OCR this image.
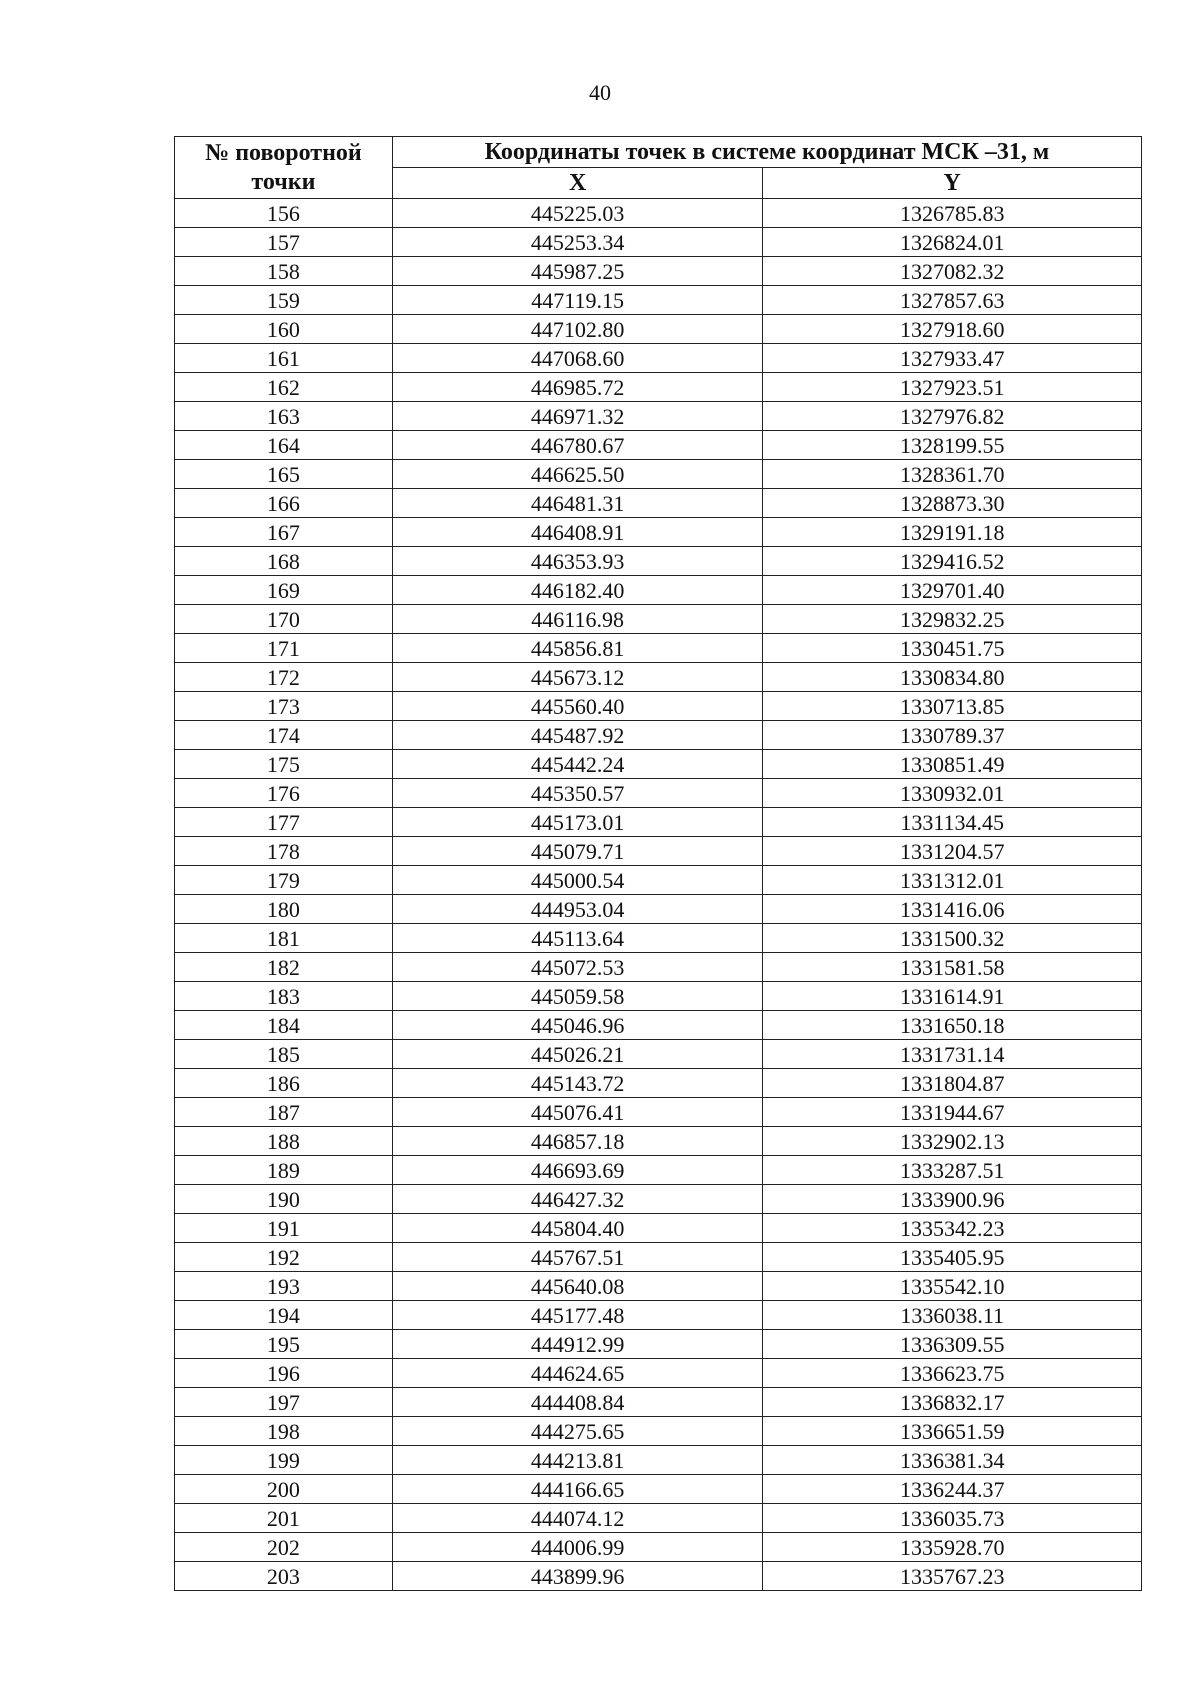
40
№ поворотной точки	Координаты точек в системе координат МСК –31, м	
	X	Y
156	445225.03	1326785.83
157	445253.34	1326824.01
158	445987.25	1327082.32
159	447119.15	1327857.63
160	447102.80	1327918.60
161	447068.60	1327933.47
162	446985.72	1327923.51
163	446971.32	1327976.82
164	446780.67	1328199.55
165	446625.50	1328361.70
166	446481.31	1328873.30
167	446408.91	1329191.18
168	446353.93	1329416.52
169	446182.40	1329701.40
170	446116.98	1329832.25
171	445856.81	1330451.75
172	445673.12	1330834.80
173	445560.40	1330713.85
174	445487.92	1330789.37
175	445442.24	1330851.49
176	445350.57	1330932.01
177	445173.01	1331134.45
178	445079.71	1331204.57
179	445000.54	1331312.01
180	444953.04	1331416.06
181	445113.64	1331500.32
182	445072.53	1331581.58
183	445059.58	1331614.91
184	445046.96	1331650.18
185	445026.21	1331731.14
186	445143.72	1331804.87
187	445076.41	1331944.67
188	446857.18	1332902.13
189	446693.69	1333287.51
190	446427.32	1333900.96
191	445804.40	1335342.23
192	445767.51	1335405.95
193	445640.08	1335542.10
194	445177.48	1336038.11
195	444912.99	1336309.55
196	444624.65	1336623.75
197	444408.84	1336832.17
198	444275.65	1336651.59
199	444213.81	1336381.34
200	444166.65	1336244.37
201	444074.12	1336035.73
202	444006.99	1335928.70
203	443899.96	1335767.23
